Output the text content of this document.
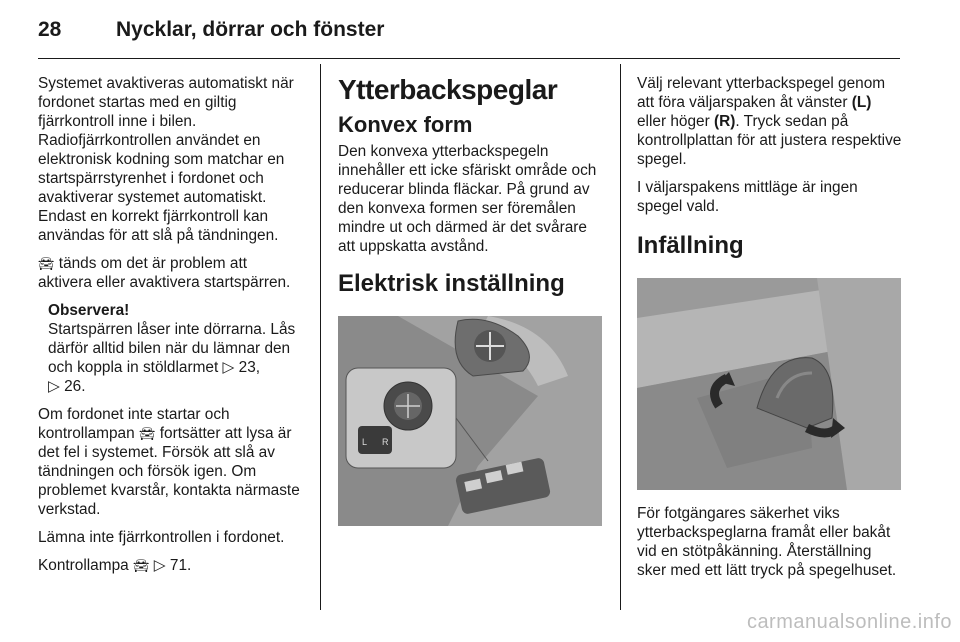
28	Nycklar, dörrar och fönster

Systemet avaktiveras automatiskt när fordonet startas med en giltig fjärrkontroll inne i bilen. Radiofjärrkontrollen användet en elektronisk kodning som matchar en startspärrstyrenhet i fordonet och avaktiverar systemet automatiskt. Endast en korrekt fjärrkontroll kan användas för att slå på tändningen.

🚘︎ tänds om det är problem att aktivera eller avaktivera startspärren.

Observera!

Startspärren låser inte dörrarna. Lås därför alltid bilen när du lämnar den och koppla in stöldlarmet ▷ 23,
▷ 26.

Om fordonet inte startar och kontrollampan 🚘︎ fortsätter att lysa är det fel i systemet. Försök att slå av tändningen och försök igen. Om problemet kvarstår, kontakta närmaste verkstad.

Lämna inte fjärrkontrollen i fordonet.

Kontrollampa 🚘︎ ▷ 71.

Ytterbackspeglar
Konvex form

Den konvexa ytterbackspegeln innehåller ett icke sfäriskt område och reducerar blinda fläckar. På grund av den konvexa formen ser föremålen mindre ut och därmed är det svårare att uppskatta avstånd.

Elektrisk inställning
L R

Välj relevant ytterbackspegel genom att föra väljarspaken åt vänster (L) eller höger (R). Tryck sedan på kontrollplattan för att justera respektive spegel.

I väljarspakens mittläge är ingen spegel vald.

Infällning

För fotgängares säkerhet viks ytterbackspeglarna framåt eller bakåt vid en stötpåkänning. Återställning sker med ett lätt tryck på spegelhuset.

carmanualsonline.info
